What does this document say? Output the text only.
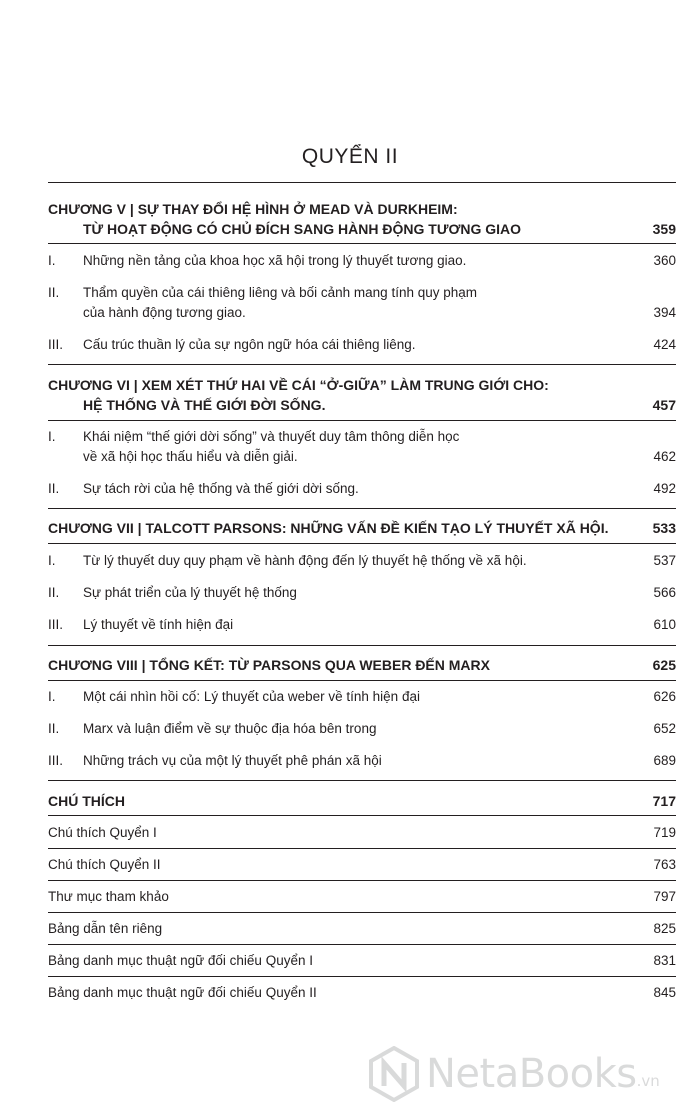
QUYỂN II
CHƯƠNG V | SỰ THAY ĐỔI HỆ HÌNH Ở MEAD VÀ DURKHEIM:
TỪ HOẠT ĐỘNG CÓ CHỦ ĐÍCH SANG HÀNH ĐỘNG TƯƠNG GIAO	359
I. Những nền tảng của khoa học xã hội trong lý thuyết tương giao.	360
II. Thẩm quyền của cái thiêng liêng và bối cảnh mang tính quy phạm
của hành động tương giao.	394
III. Cấu trúc thuần lý của sự ngôn ngữ hóa cái thiêng liêng.	424
CHƯƠNG VI | XEM XÉT THỨ HAI VỀ CÁI “Ở-GIỮA” LÀM TRUNG GIỚI CHO:
HỆ THỐNG VÀ THẾ GIỚI ĐỜI SỐNG.	457
I. Khái niệm “thế giới dời sống” và thuyết duy tâm thông diễn học
về xã hội học thấu hiểu và diễn giải.	462
II. Sự tách rời của hệ thống và thế giới dời sống.	492
CHƯƠNG VII | TALCOTT PARSONS: NHỮNG VẤN ĐỀ KIẾN TẠO LÝ THUYẾT XÃ HỘI.	533
I. Từ lý thuyết duy quy phạm về hành động đến lý thuyết hệ thống về xã hội.	537
II. Sự phát triển của lý thuyết hệ thống	566
III. Lý thuyết về tính hiện đại	610
CHƯƠNG VIII | TỔNG KẾT: TỪ PARSONS QUA WEBER ĐẾN MARX	625
I. Một cái nhìn hồi cố: Lý thuyết của weber về tính hiện đại	626
II. Marx và luận điểm về sự thuộc địa hóa bên trong	652
III. Những trách vụ của một lý thuyết phê phán xã hội	689
CHÚ THÍCH	717
Chú thích Quyển I	719
Chú thích Quyển II	763
Thư mục tham khảo	797
Bảng dẫn tên riêng	825
Bảng danh mục thuật ngữ đối chiếu Quyển I	831
Bảng danh mục thuật ngữ đối chiếu Quyển II	845
NetaBooks .vn
